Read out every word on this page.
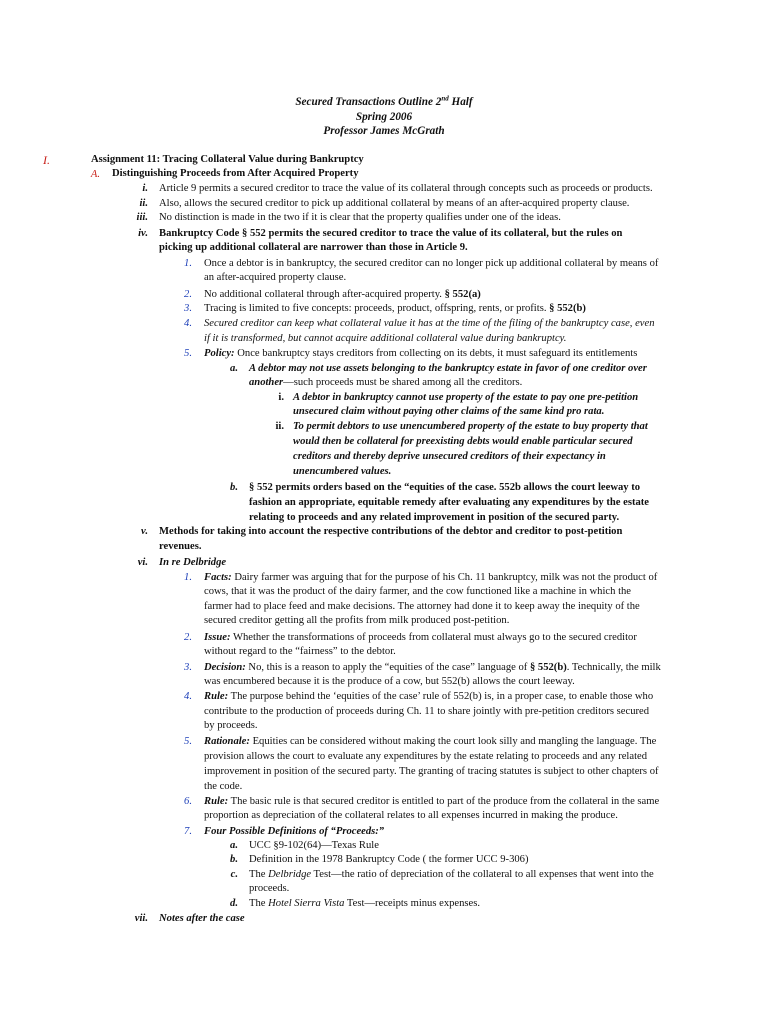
Secured Transactions Outline 2nd Half
Spring 2006
Professor James McGrath
I.	Assignment 11: Tracing Collateral Value during Bankruptcy
A. Distinguishing Proceeds from After Acquired Property
i. Article 9 permits a secured creditor to trace the value of its collateral through concepts such as proceeds or products.
ii. Also, allows the secured creditor to pick up additional collateral by means of an after-acquired property clause.
iii. No distinction is made in the two if it is clear that the property qualifies under one of the ideas.
iv. Bankruptcy Code § 552 permits the secured creditor to trace the value of its collateral, but the rules on
picking up additional collateral are narrower than those in Article 9.
1. Once a debtor is in bankruptcy, the secured creditor can no longer pick up additional collateral by means of
an after-acquired property clause.
2. No additional collateral through after-acquired property. § 552(a)
3. Tracing is limited to five concepts: proceeds, product, offspring, rents, or profits. § 552(b)
4. Secured creditor can keep what collateral value it has at the time of the filing of the bankruptcy case, even
if it is transformed, but cannot acquire additional collateral value during bankruptcy.
5. Policy: Once bankruptcy stays creditors from collecting on its debts, it must safeguard its entitlements
a. A debtor may not use assets belonging to the bankruptcy estate in favor of one creditor over
another—such proceeds must be shared among all the creditors.
i. A debtor in bankruptcy cannot use property of the estate to pay one pre-petition
unsecured claim without paying other claims of the same kind pro rata.
ii. To permit debtors to use unencumbered property of the estate to buy property that
would then be collateral for preexisting debts would enable particular secured
creditors and thereby deprive unsecured creditors of their expectancy in
unencumbered values.
b. § 552 permits orders based on the “equities of the case. 552b allows the court leeway to
fashion an appropriate, equitable remedy after evaluating any expenditures by the estate
relating to proceeds and any related improvement in position of the secured party.
v. Methods for taking into account the respective contributions of the debtor and creditor to post-petition
revenues.
vi. In re Delbridge
1. Facts: Dairy farmer was arguing that for the purpose of his Ch. 11 bankruptcy, milk was not the product of
cows, that it was the product of the dairy farmer, and the cow functioned like a machine in which the
farmer had to place feed and make decisions. The attorney had done it to keep away the inequity of the
secured creditor getting all the profits from milk produced post-petition.
2. Issue: Whether the transformations of proceeds from collateral must always go to the secured creditor
without regard to the “fairness” to the debtor.
3. Decision: No, this is a reason to apply the “equities of the case” language of § 552(b). Technically, the milk
was encumbered because it is the produce of a cow, but 552(b) allows the court leeway.
4. Rule: The purpose behind the ‘equities of the case’ rule of 552(b) is, in a proper case, to enable those who
contribute to the production of proceeds during Ch. 11 to share jointly with pre-petition creditors secured
by proceeds.
5. Rationale: Equities can be considered without making the court look silly and mangling the language. The
provision allows the court to evaluate any expenditures by the estate relating to proceeds and any related
improvement in position of the secured party. The granting of tracing statutes is subject to other chapters of
the code.
6. Rule: The basic rule is that secured creditor is entitled to part of the produce from the collateral in the same
proportion as depreciation of the collateral relates to all expenses incurred in making the produce.
7. Four Possible Definitions of “Proceeds:”
a. UCC §9-102(64)—Texas Rule
b. Definition in the 1978 Bankruptcy Code ( the former UCC 9-306)
c. The Delbridge Test—the ratio of depreciation of the collateral to all expenses that went into the
proceeds.
d. The Hotel Sierra Vista Test—receipts minus expenses.
vii. Notes after the case
